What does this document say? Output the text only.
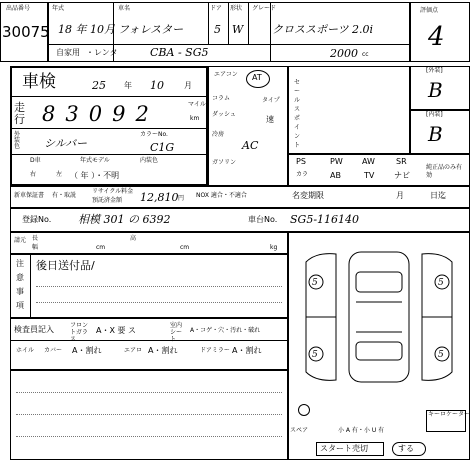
出品番号
30075
年式
18 年 10月
車名
フォレスター
ドア
5
形状
W
グレード
クロススポーツ 2.0i
自家用 ・レンタ	CBA - SG5	2000 cc
評価点
4
[外装]
B
[内装]
B
車検	25 年 10	月
走行 83092	マイル
km
外装色 シルバー
カラーNo.
C1G
D車
右	左
年式モデル
（ 年 ）・不明
内装色
エアコン
コラム
ダッシュ
冷房
AC
ガソリン
AT
タイプ
速
セールスポイント
PS	PW AW	SR
カラ	AB	TV ナビ
純正品のみ有効
新車保証書 有・取説
リサイクル料金
預託済金額 12,810 円 NOX 適合・不適合	名変期限	月	日迄
登録No. 相模 301 の 6392	車台No. SG5-116140
請元 長
幅	cm
高
cm	kg
注
意
事
項
後日送付品/
検査員記入	フロントガラス
A・X 要 ス
室内シート
A・コゲ・穴・汚れ・破れ
ホイル カバー A・割れ	エアロ A・割れ	ドアミラー A・割れ
5
5
5
5
スペア	小 A 有・小 U 有
キーロケーター
スタート売切	する
